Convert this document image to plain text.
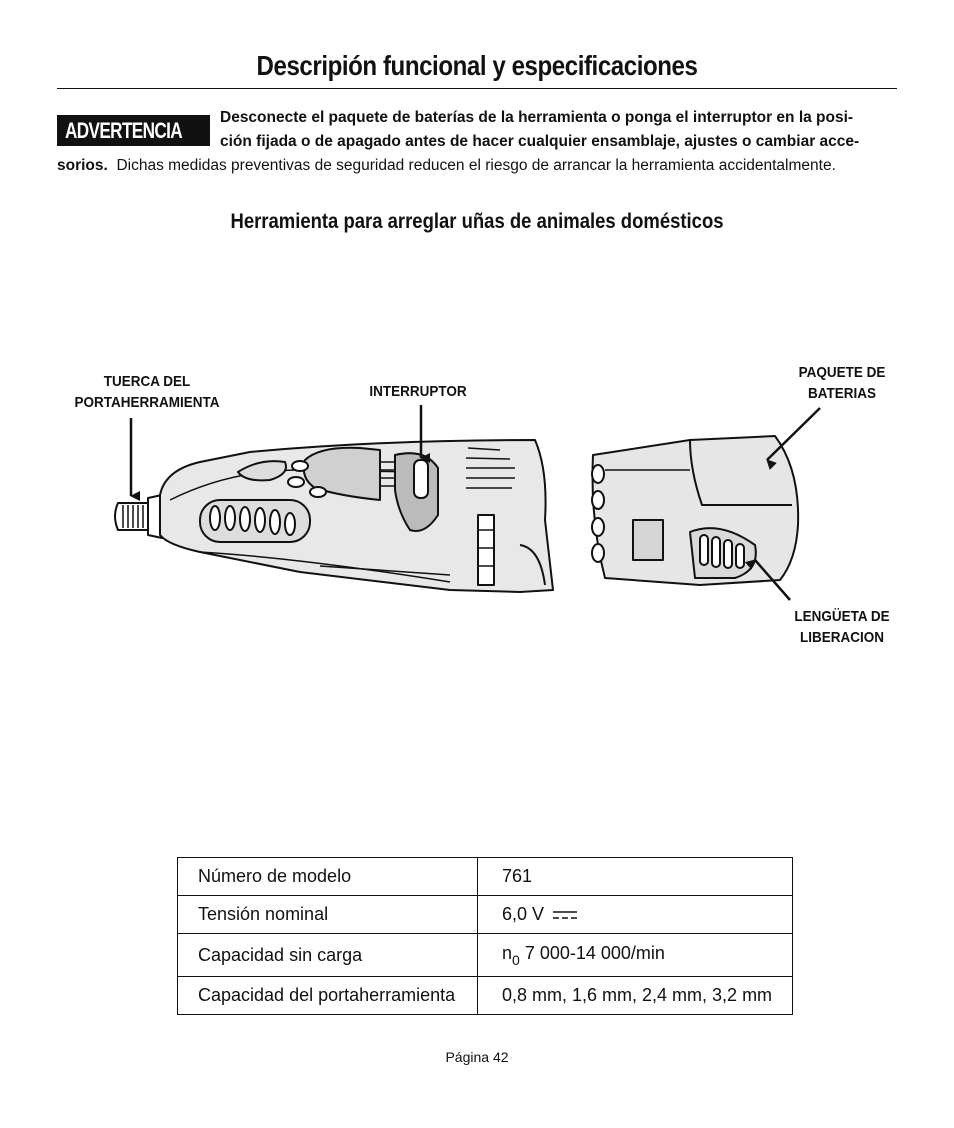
Descripión funcional y especificaciones
ADVERTENCIA Desconecte el paquete de baterías de la herramienta o ponga el interruptor en la posi-
ción fijada o de apagado antes de hacer cualquier ensamblaje, ajustes o cambiar acce-
sorios. Dichas medidas preventivas de seguridad reducen el riesgo de arrancar la herramienta accidentalmente.
Herramienta para arreglar uñas de animales domésticos
TUERCA DEL
PORTAHERRAMIENTA
INTERRUPTOR
PAQUETE DE
BATERIAS
LENGÜETA DE
LIBERACION
Número de modelo	761
Tensión nominal	6,0 V
Capacidad sin carga	$n_0$ 7 000-14 000/min
Capacidad del portaherramienta	0,8 mm, 1,6 mm, 2,4 mm, 3,2 mm
Página 42
